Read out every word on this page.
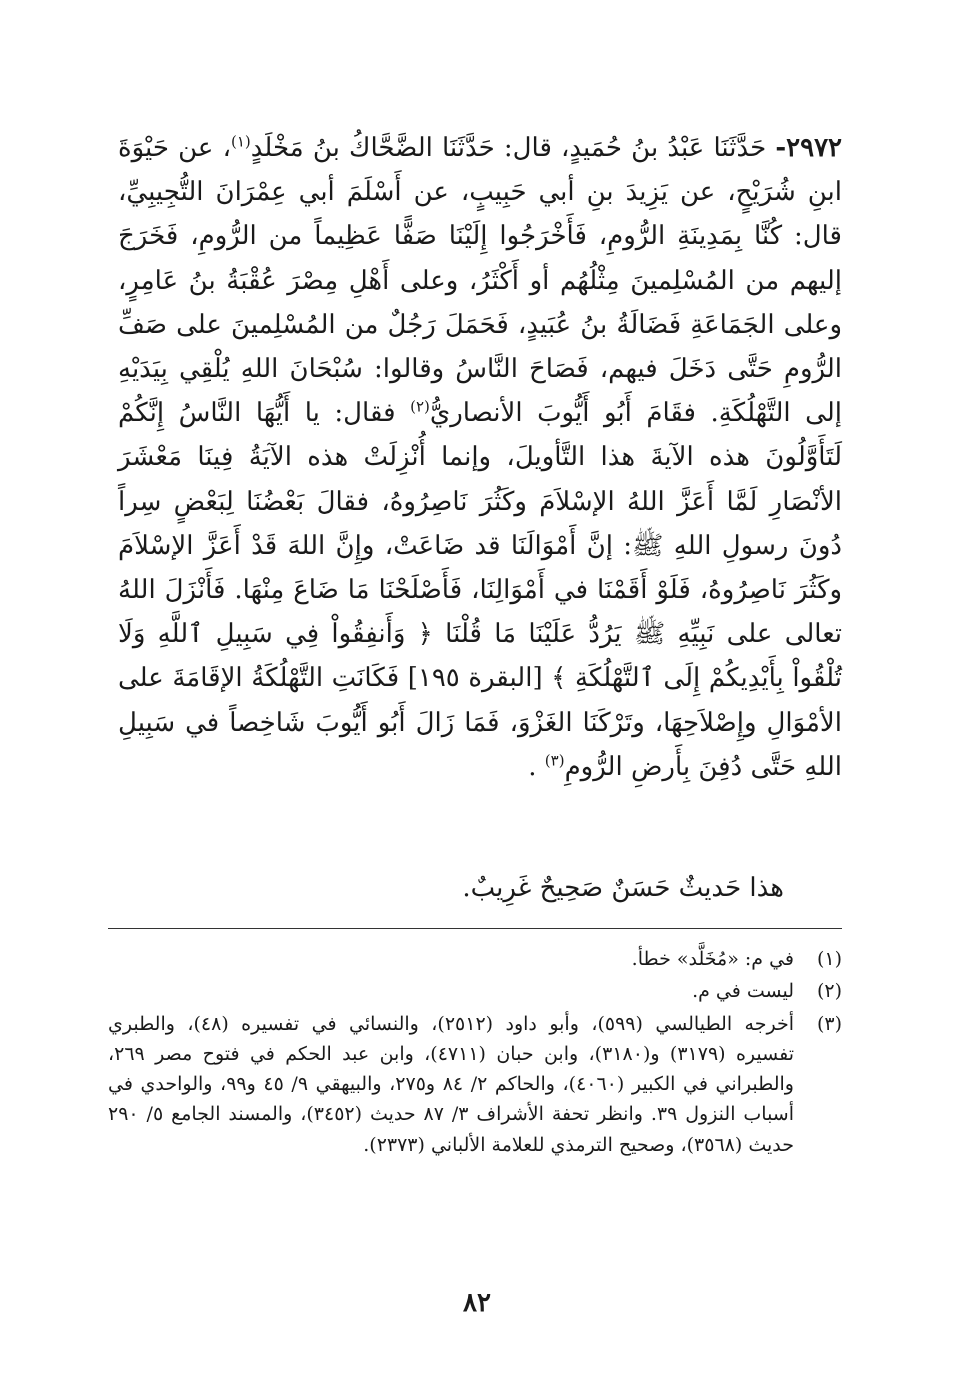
٢٩٧٢- حَدَّثَنَا عَبْدُ بنُ حُمَيدٍ، قال: حَدَّثَنَا الضَّحَّاكُ بنُ مَخْلَدٍ$^{(١)}$، عن حَيْوَةَ ابنِ شُرَيْحٍ، عن يَزِيدَ بنِ أبي حَبِيبٍ، عن أَسْلَمَ أبي عِمْرَانَ التُّجِيبِيِّ، قال: كُنَّا بِمَدِينَةِ الرُّومِ، فَأَخْرَجُوا إِلَيْنَا صَفًّا عَظِيماً من الرُّومِ، فَخَرَجَ إليهم من المُسْلِمينَ مِثْلُهُم أو أَكْثَرُ، وعلى أَهْلِ مِصْرَ عُقْبَةُ بنُ عَامِرٍ، وعلى الجَمَاعَةِ فَضَالَةُ بنُ عُبَيدٍ، فَحَمَلَ رَجُلٌ من المُسْلِمينَ على صَفِّ الرُّومِ حَتَّى دَخَلَ فيهم، فَصَاحَ النَّاسُ وقالوا: سُبْحَانَ اللهِ يُلْقِي بِيَدَيْهِ إلى التَّهْلُكَةِ. فقَامَ أَبُو أَيُّوبَ الأنصاريُّ$^{(٢)}$ فقال: يا أَيُّهَا النَّاسُ إِنَّكُمْ لَتَأَوَّلُونَ هذه الآيةَ هذا التَّأويلَ، وإنما أُنْزِلَتْ هذه الآيَةُ فِينَا مَعْشَرَ الأنْصَارِ لَمَّا أَعَزَّ اللهُ الإسْلاَمَ وكَثُرَ نَاصِرُوهُ، فقالَ بَعْضُنَا لِبَعْضٍ سِراً دُونَ رسولِ اللهِ ﷺ: إنَّ أَمْوَالَنَا قد ضَاعَتْ، وإِنَّ اللهَ قَدْ أَعَزَّ الإسْلاَمَ وكَثُرَ نَاصِرُوهُ، فَلَوْ أَقَمْنَا في أَمْوَالِنَا، فَأَصْلَحْنَا مَا ضَاعَ مِنْهَا. فَأَنْزَلَ اللهُ تعالى على نَبِيِّهِ ﷺ يَرُدُّ عَلَيْنَا مَا قُلْنَا ﴿ وَأَنفِقُواْ فِي سَبِيلِ ٱللَّهِ وَلَا تُلْقُواْ بِأَيْدِيكُمْ إِلَى ٱلتَّهْلُكَةِ ﴾ [البقرة ١٩٥] فَكَانَتِ التَّهْلُكَةُ الإقَامَةَ على الأمْوَالِ وإِصْلاَحِهَا، وتَرْكَنَا الغَزْوَ، فَمَا زَالَ أَبُو أَيُّوبَ شَاخِصاً في سَبِيلِ اللهِ حَتَّى دُفِنَ بِأَرضِ الرُّومِ$^{(٣)}$ .

هذا حَديثٌ حَسَنٌ صَحِيحٌ غَرِيبٌ.
(١)
في م: «مُخَلَّد» خطأ.
(٢)
ليست في م.
(٣)
أخرجه الطيالسي (٥٩٩)، وأبو داود (٢٥١٢)، والنسائي في تفسيره (٤٨)، والطبري تفسيره (٣١٧٩) و(٣١٨٠)، وابن حبان (٤٧١١)، وابن عبد الحكم في فتوح مصر ٢٦٩، والطبراني في الكبير (٤٠٦٠)، والحاكم ٢/ ٨٤ و٢٧٥، والبيهقي ٩/ ٤٥ و٩٩، والواحدي في أسباب النزول ٣٩. وانظر تحفة الأشراف ٣/ ٨٧ حديث (٣٤٥٢)، والمسند الجامع ٥/ ٢٩٠ حديث (٣٥٦٨)، وصحيح الترمذي للعلامة الألباني (٢٣٧٣).
٨٢
